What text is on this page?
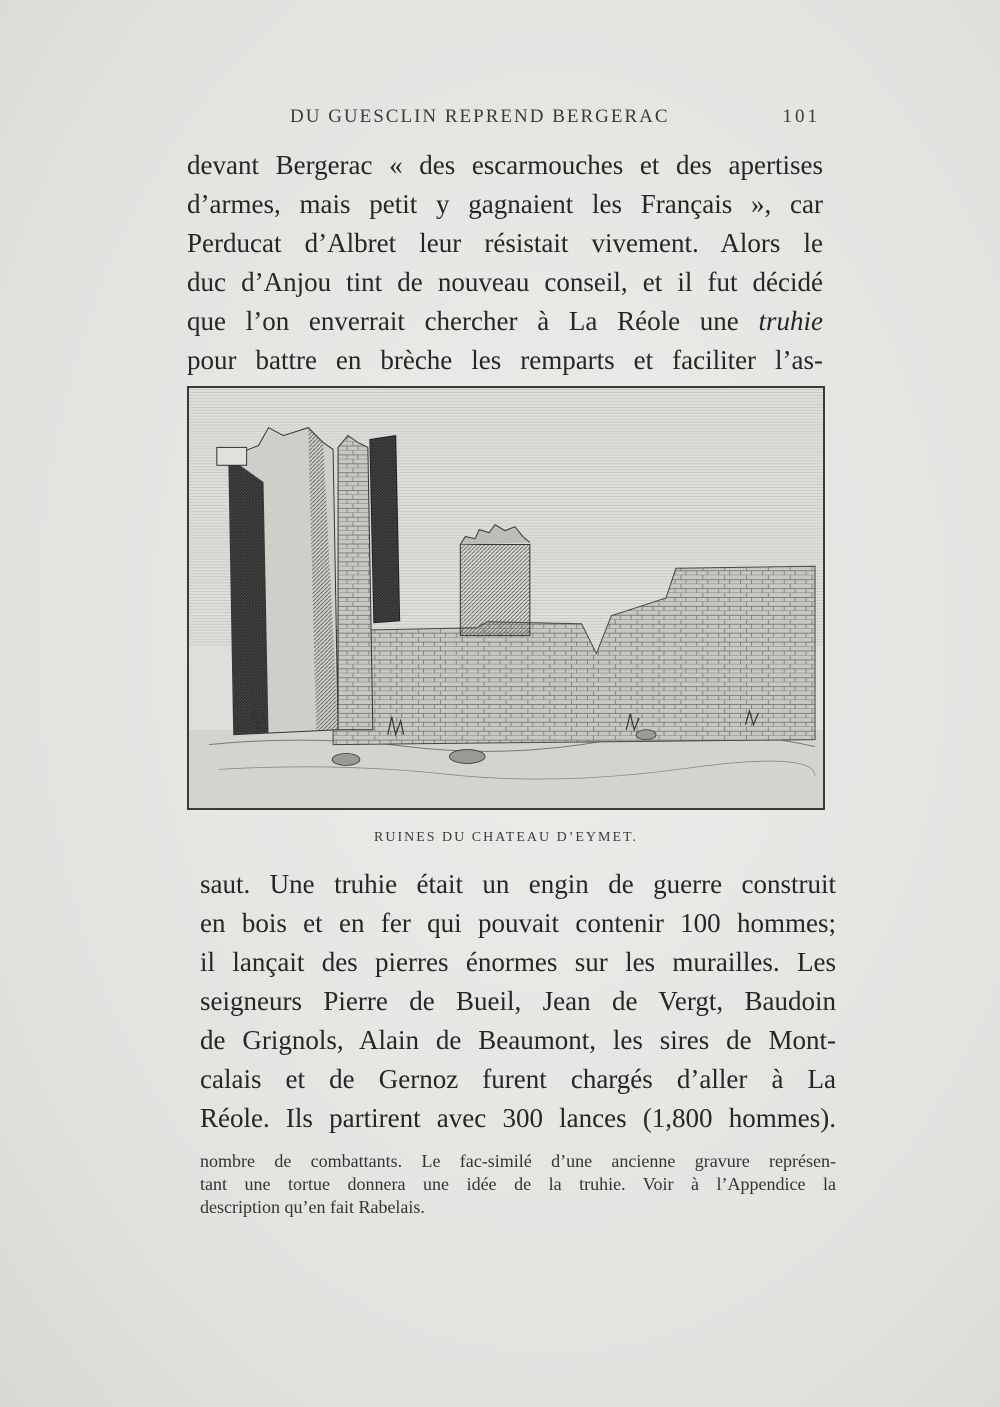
DU GUESCLIN REPREND BERGERAC	101

devant Bergerac « des escarmouches et des apertises

d’armes, mais petit y gagnaient les Français », car

Perducat d’Albret leur résistait vivement. Alors le

duc d’Anjou tint de nouveau conseil, et il fut décidé

que l’on enverrait chercher à La Réole une truhie

pour battre en brèche les remparts et faciliter l’as-

RUINES DU CHATEAU D’EYMET.

saut. Une truhie était un engin de guerre construit

en bois et en fer qui pouvait contenir 100 hommes;

il lançait des pierres énormes sur les murailles. Les

seigneurs Pierre de Bueil, Jean de Vergt, Baudoin

de Grignols, Alain de Beaumont, les sires de Mont-

calais et de Gernoz furent chargés d’aller à La

Réole. Ils partirent avec 300 lances (1,800 hommes).

nombre de combattants. Le fac-similé d’une ancienne gravure représen-

tant une tortue donnera une idée de la truhie. Voir à l’Appendice la

description qu’en fait Rabelais.
